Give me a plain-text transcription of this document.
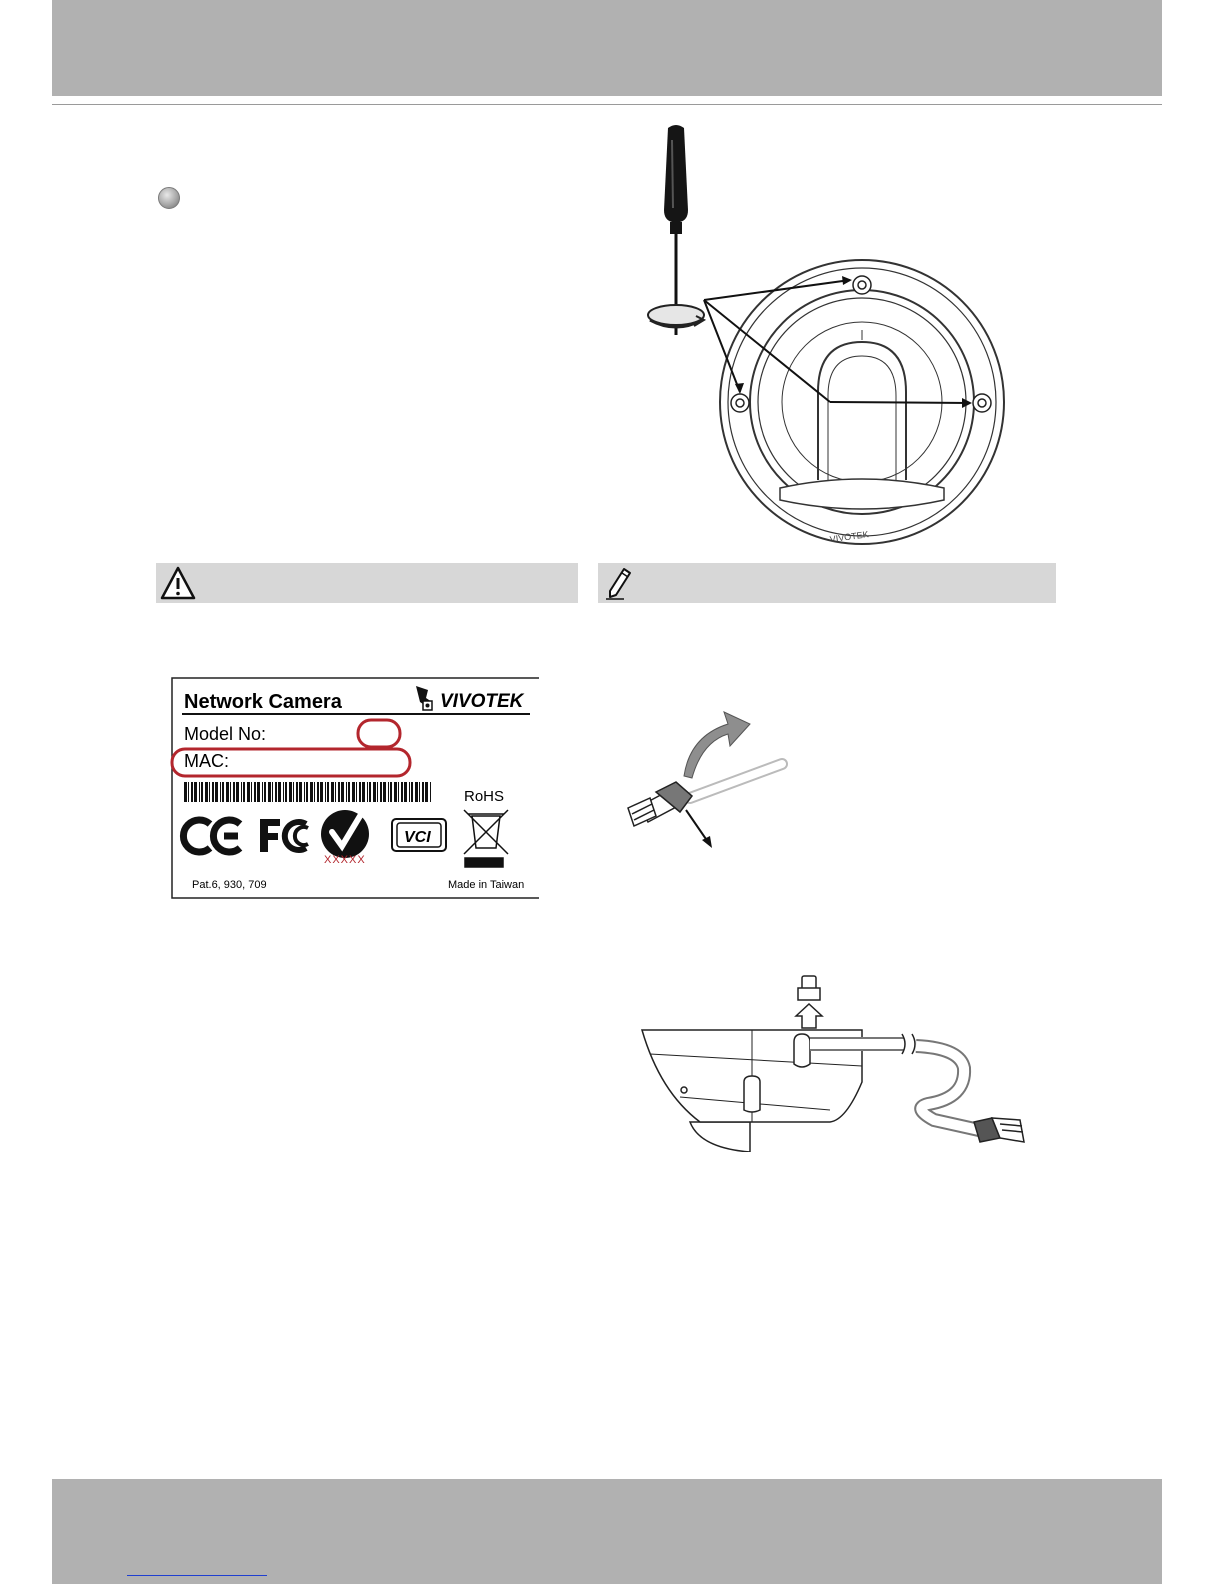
VIVOTEK
Network Camera	VIVOTEK
Model No:
MAC:
RoHS
XXXXX
VCI
Pat.6, 930, 709	Made in Taiwan
